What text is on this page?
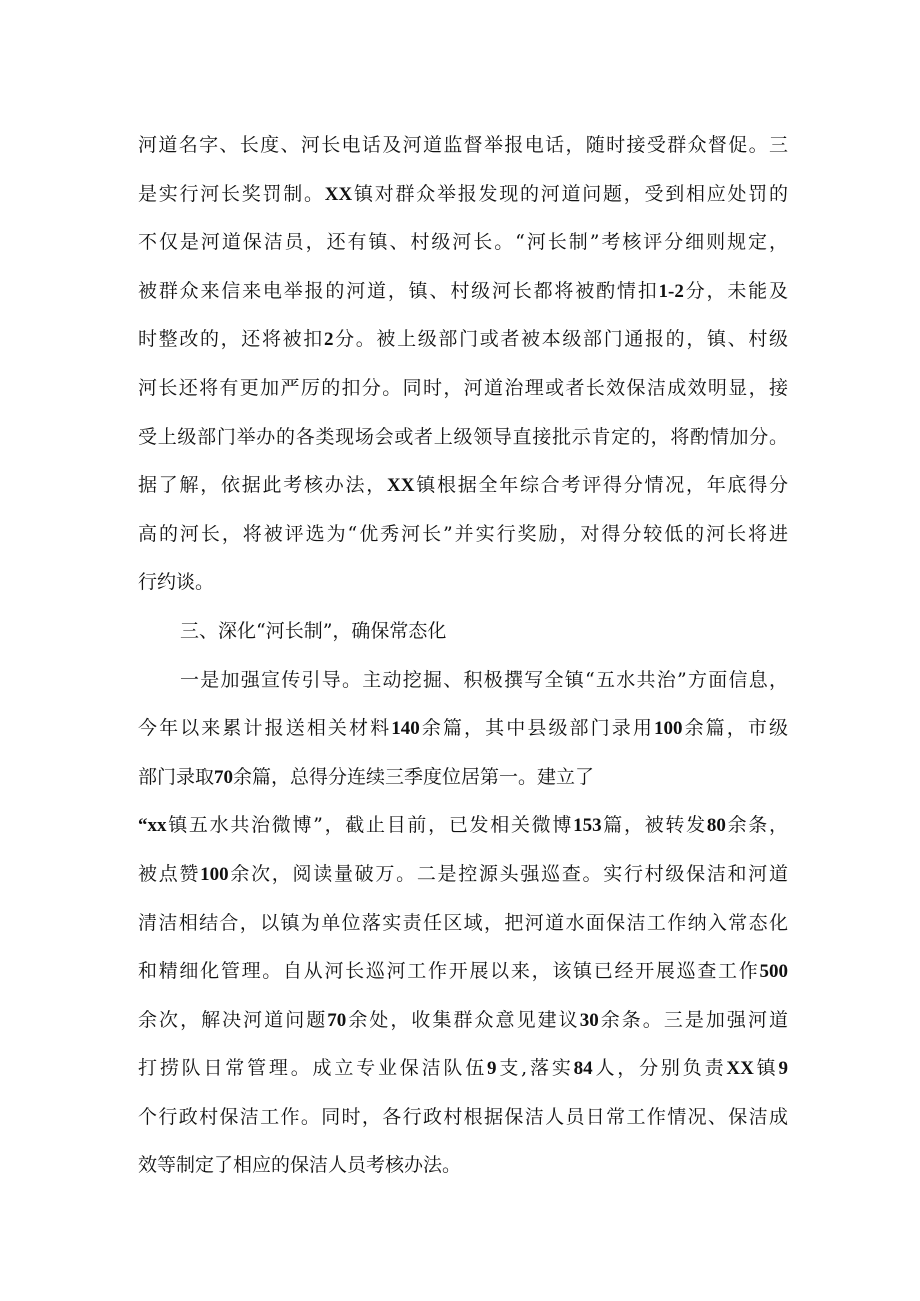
河道名字、长度、河长电话及河道监督举报电话，随时接受群众督促。三
是实行河长奖罚制。XX镇对群众举报发现的河道问题，受到相应处罚的
不仅是河道保洁员，还有镇、村级河长。“河长制”考核评分细则规定，
被群众来信来电举报的河道，镇、村级河长都将被酌情扣1-2分，未能及
时整改的，还将被扣2分。被上级部门或者被本级部门通报的，镇、村级
河长还将有更加严厉的扣分。同时，河道治理或者长效保洁成效明显，接
受上级部门举办的各类现场会或者上级领导直接批示肯定的，将酌情加分。
据了解，依据此考核办法，XX镇根据全年综合考评得分情况，年底得分
高的河长，将被评选为“优秀河长”并实行奖励，对得分较低的河长将进
行约谈。
三、深化“河长制”，确保常态化
一是加强宣传引导。主动挖掘、积极撰写全镇“五水共治”方面信息，
今年以来累计报送相关材料140余篇，其中县级部门录用100余篇，市级
部门录取70余篇，总得分连续三季度位居第一。建立了
“xx镇五水共治微博”，截止目前，已发相关微博153篇，被转发80余条，
被点赞100余次，阅读量破万。二是控源头强巡查。实行村级保洁和河道
清洁相结合，以镇为单位落实责任区域，把河道水面保洁工作纳入常态化
和精细化管理。自从河长巡河工作开展以来，该镇已经开展巡查工作500
余次，解决河道问题70余处，收集群众意见建议30余条。三是加强河道
打捞队日常管理。成立专业保洁队伍9支,落实84人，分别负责XX镇9
个行政村保洁工作。同时，各行政村根据保洁人员日常工作情况、保洁成
效等制定了相应的保洁人员考核办法。
